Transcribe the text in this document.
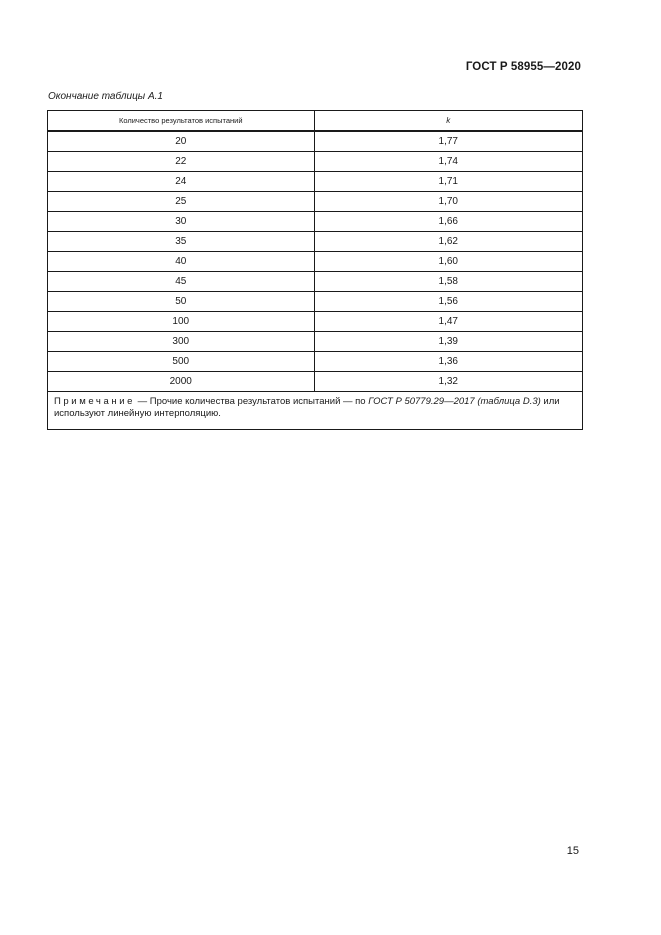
ГОСТ Р 58955—2020
Окончание таблицы А.1
Количество результатов испытаний	k
20	1,77
22	1,74
24	1,71
25	1,70
30	1,66
35	1,62
40	1,60
45	1,58
50	1,56
100	1,47
300	1,39
500	1,36
2000	1,32
Примечание — Прочие количества результатов испытаний — по ГОСТ Р 50779.29—2017 (таблица D.3) или используют линейную интерполяцию.	
15
